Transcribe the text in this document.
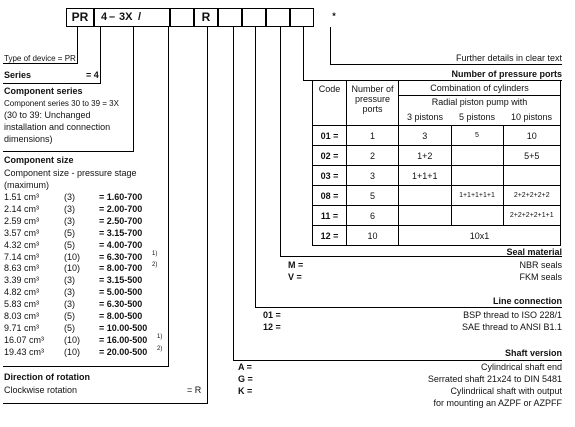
PR	4 – 3X /	R	*
Type of device = PR
Series	= 4
Component series
Component series 30 to 39 = 3X
(30 to 39: Unchanged
installation and connection
dimensions)
Component size
Component size - pressure stage
(maximum)
1.51 cm³	(3)	= 1.60-700
2.14 cm³	(3)	= 2.00-700
2.59 cm³	(3)	= 2.50-700
3.57 cm³	(5)	= 3.15-700
4.32 cm³	(5)	= 4.00-700
7.14 cm³	(10) = 6.30-700 1)
8.63 cm³	(10) = 8.00-700 2)
3.39 cm³	(3)	= 3.15-500
4.82 cm³	(3)	= 5.00-500
5.83 cm³	(3)	= 6.30-500
8.03 cm³	(5)	= 8.00-500
9.71 cm³	(5)	= 10.00-500
16.07 cm³ (10) = 16.00-500 1)
19.43 cm³ (10) = 20.00-500 2)
Direction of rotation
Clockwise rotation	= R
Further details in clear text
Number of pressure ports
Code	Number of
pressure
ports	Combination of cylinders		
		Radial piston pump with		
		3 pistons	5 pistons	10 pistons
01 =	1	3	5	10
02 =	2	1+2		5+5
03 =	3	1+1+1		
08 =	5		1+1+1+1+1	2+2+2+2+2
11 =	6			2+2+2+2+1+1
12 =	10	10x1		
Seal material
M =	NBR seals
V =	FKM seals
Line connection
01 =	BSP thread to ISO 228/1
12 =	SAE thread to ANSI B1.1
Shaft version
A =	Cylindrical shaft end
G =	Serrated shaft 21x24 to DIN 5481
K =	Cylindriical shaft with output
for mounting an AZPF or AZPFF
